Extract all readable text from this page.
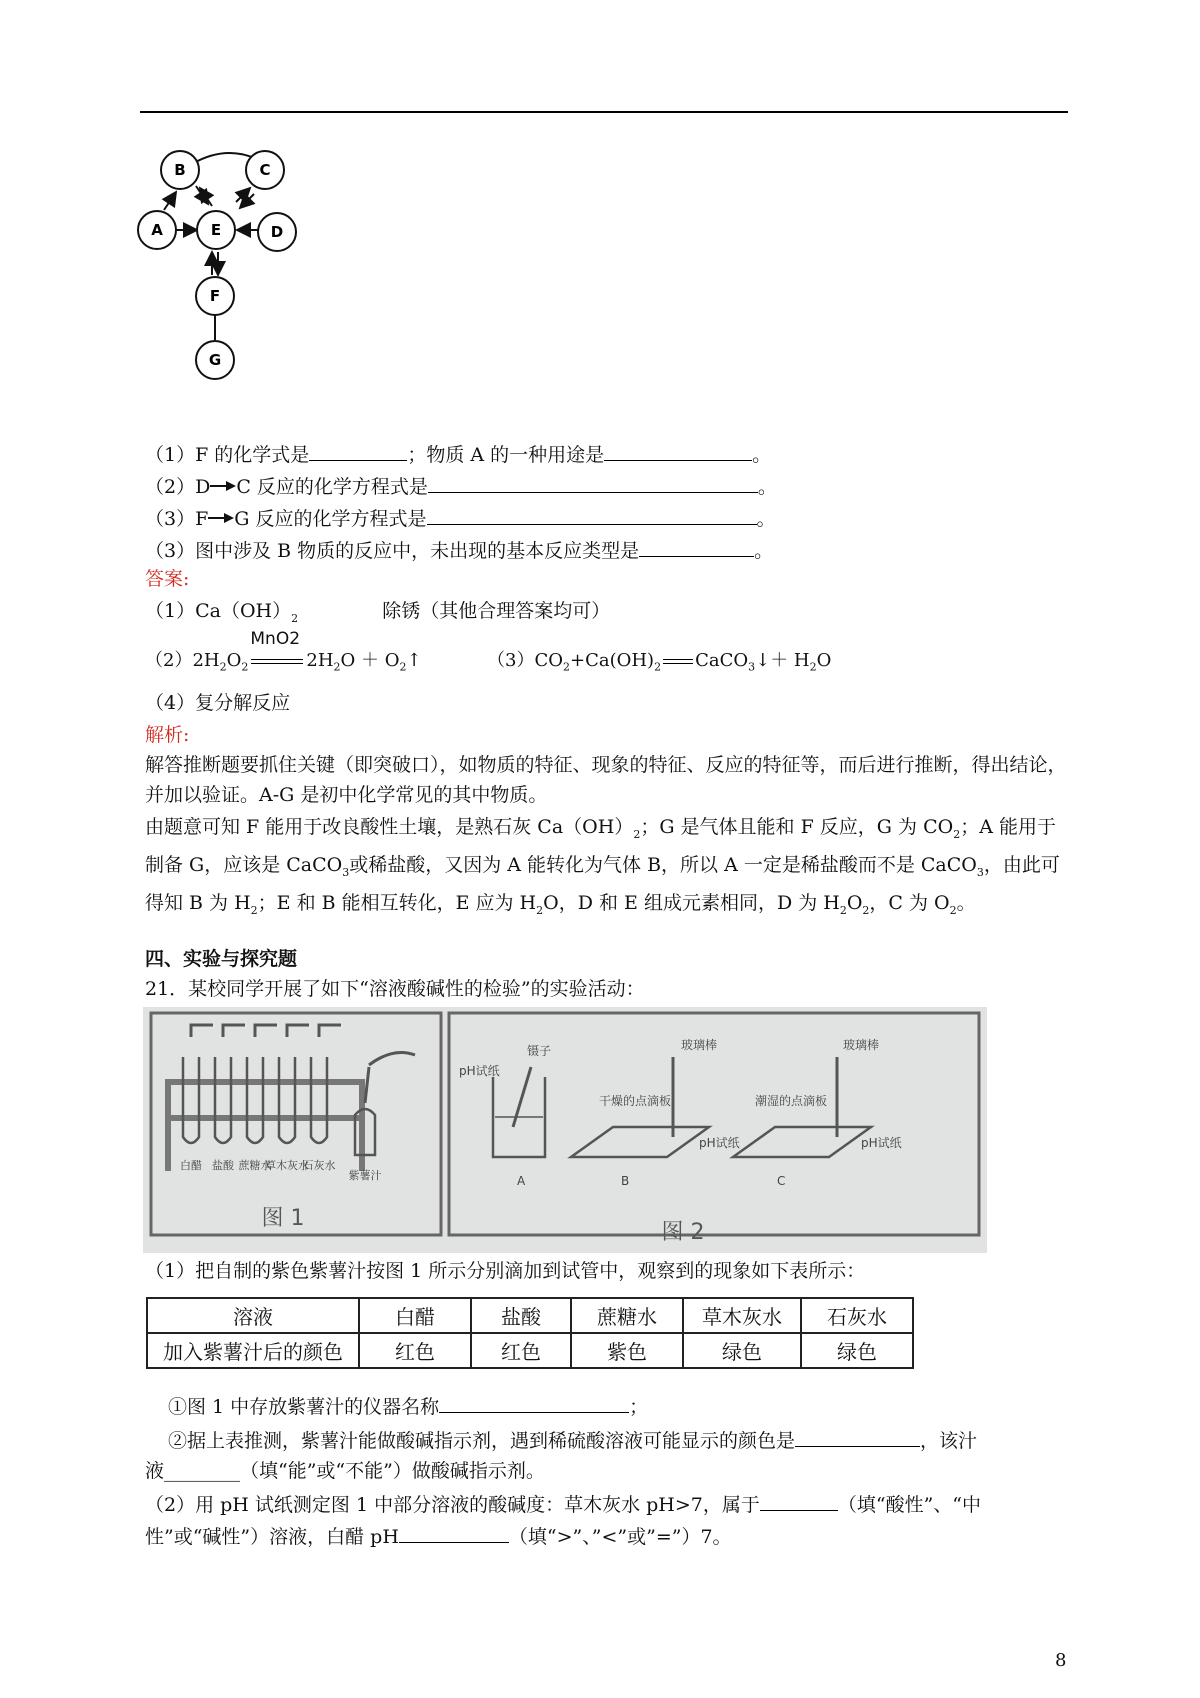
B	C
A	E	D
F
G
（1）F 的化学式是	；物质 A 的一种用途是	。
（2）D C 反应的化学方程式是	。
（3）F G 反应的化学方程式是	。
（3）图中涉及 B 物质的反应中，未出现的基本反应类型是	。
答案:
$(1)Ca(OH)_2$	除锈（其他合理答案均可）
$(2)2H_2O_2$
MnO2
$2H_2O$ ＋ $O_2↑$	$(3)CO_2+Ca(OH)_2$ CaCO$_3$↓＋ $H_2O$
（4）复分解反应
解析:
解答推断题要抓住关键（即突破口），如物质的特征、现象的特征、反应的特征等，而后进行推断，得出结论，并加以验证。A-G 是初中化学常见的其中物质。
由题意可知 F 能用于改良酸性土壤，是熟石灰 $Ca(OH)_2$；G 是气体且能和 F 反应，G 为 $CO_2$；A 能用于制备 G，应该是 CaCO$_3$或稀盐酸，又因为 A 能转化为气体 B，所以 A 一定是稀盐酸而不是 CaCO$_3$，由此可得知 B 为 $H_2$；E 和 B 能相互转化，E 应为 $H_2O$，D 和 E 组成元素相同，D 为 $H_2O_2$，C 为 $O_2$。
四、实验与探究题
21．某校同学开展了如下“溶液酸碱性的检验”的实验活动：
白醋 盐酸 蔗糖水
草木灰水
石灰水
紫薯汁
图 1
镊子
pH试纸
玻璃棒
干燥的点滴板
pH试纸
玻璃棒
潮湿的点滴板
pH试纸
A	B	C
图 2
（1）把自制的紫色紫薯汁按图 1 所示分别滴加到试管中，观察到的现象如下表所示：
溶液	白醋	盐酸	蔗糖水	草木灰水	石灰水
加入紫薯汁后的颜色	红色	红色	紫色	绿色	绿色
①图 1 中存放紫薯汁的仪器名称	；
②据上表推测，紫薯汁能做酸碱指示剂，遇到稀硫酸溶液可能显示的颜色是	，该汁
液________（填“能”或“不能”）做酸碱指示剂。
（2）用 pH 试纸测定图 1 中部分溶液的酸碱度：草木灰水 pH>7，属于	（填“酸性”、“中
性”或“碱性”）溶液，白醋 pH	（填“>”、”<”或”=”）7。
8
